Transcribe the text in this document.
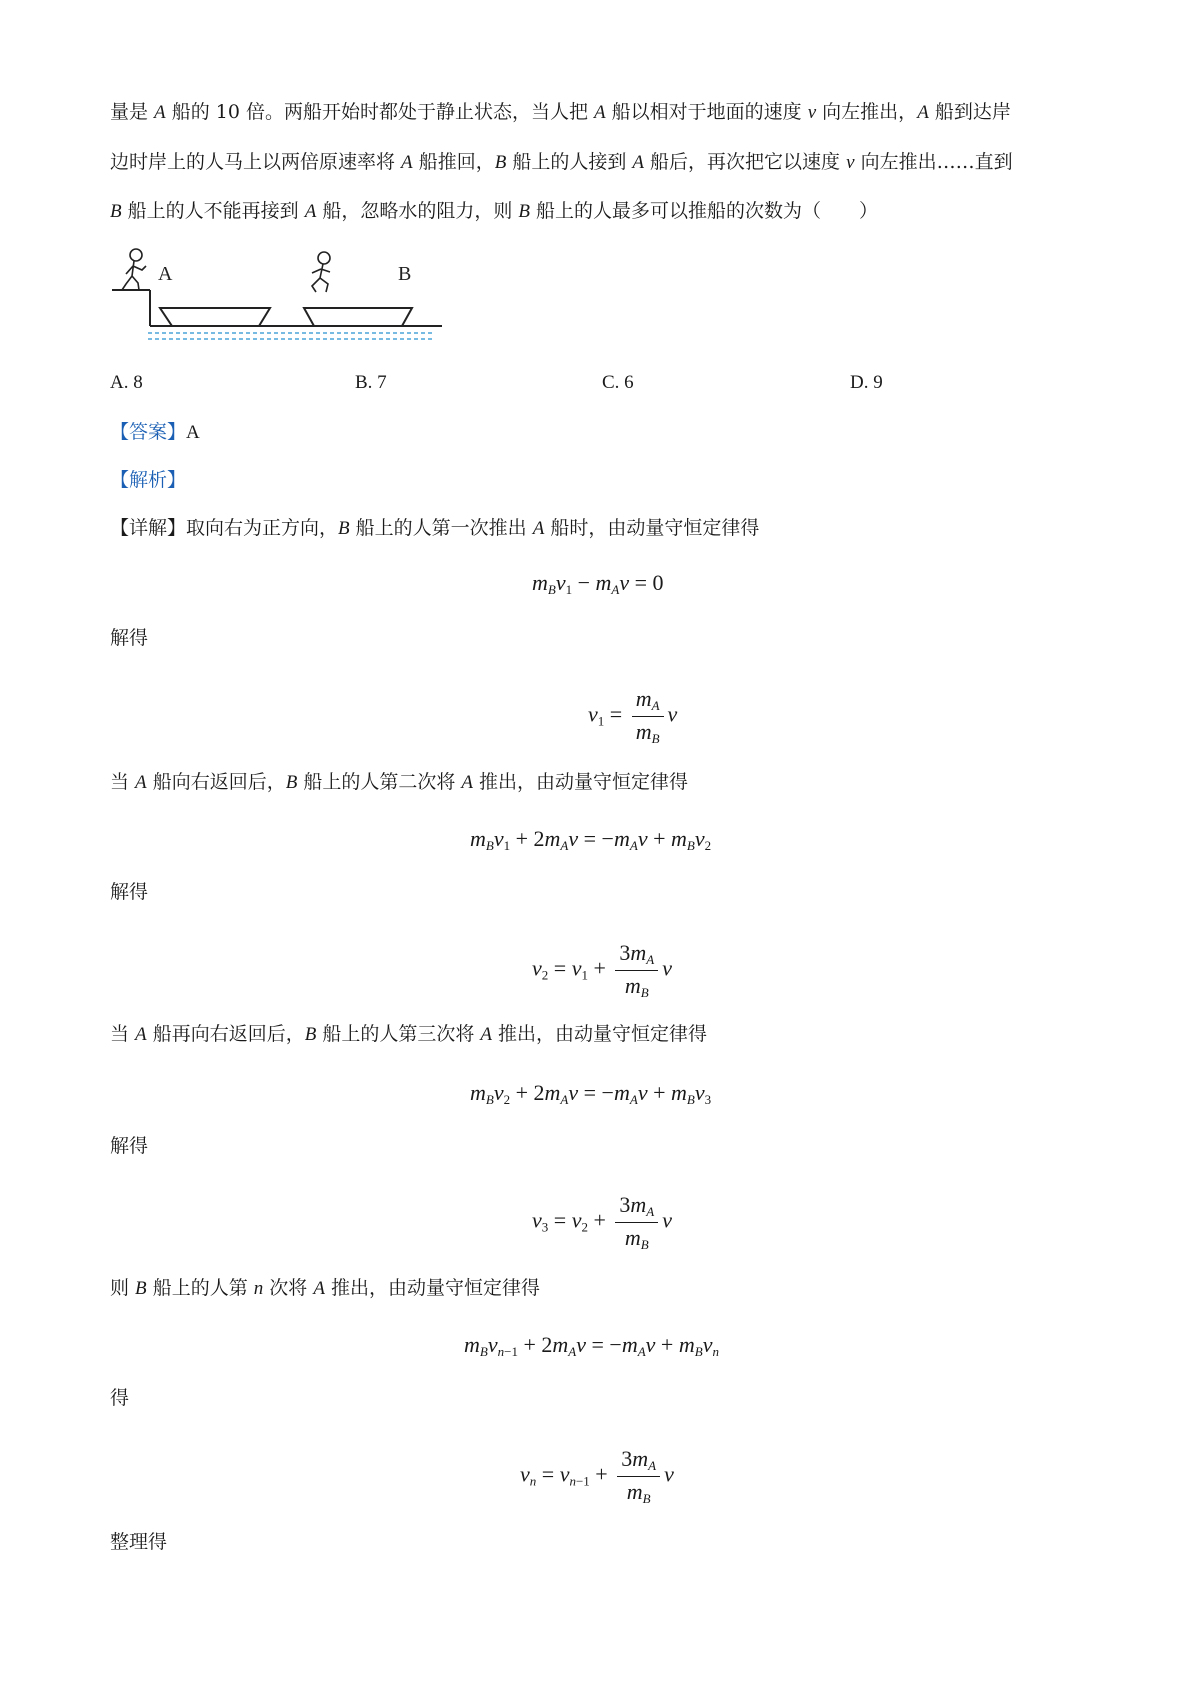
量是 A 船的 10 倍。两船开始时都处于静止状态，当人把 A 船以相对于地面的速度 v 向左推出，A 船到达岸
边时岸上的人马上以两倍原速率将 A 船推回，B 船上的人接到 A 船后，再次把它以速度 v 向左推出……直到
B 船上的人不能再接到 A 船，忽略水的阻力，则 B 船上的人最多可以推船的次数为（　　）
A	B
A. 8	B. 7	C. 6	D. 9
【答案】A
【解析】
【详解】取向右为正方向，B 船上的人第一次推出 A 船时，由动量守恒定律得
$m_Bv_1 - m_Av = 0$
解得
$v_1 = \frac{m_A}{m_B}$ v
当 A 船向右返回后，B 船上的人第二次将 A 推出，由动量守恒定律得
$m_Bv_1 + 2m_Av = -m_Av + m_Bv_2$
解得
$v_2 = v_1 + \frac{3m_A}{m_B}$ v
当 A 船再向右返回后，B 船上的人第三次将 A 推出，由动量守恒定律得
$m_Bv_2 + 2m_Av = -m_Av + m_Bv_3$
解得
$v_3 = v_2 + \frac{3m_A}{m_B}$ v
则 B 船上的人第 n 次将 A 推出，由动量守恒定律得
$m_Bv_{n-1} + 2m_Av = -m_Av + m_Bv_n$
得
$v_n = v_{n-1} + \frac{3m_A}{m_B}$ v
整理得
